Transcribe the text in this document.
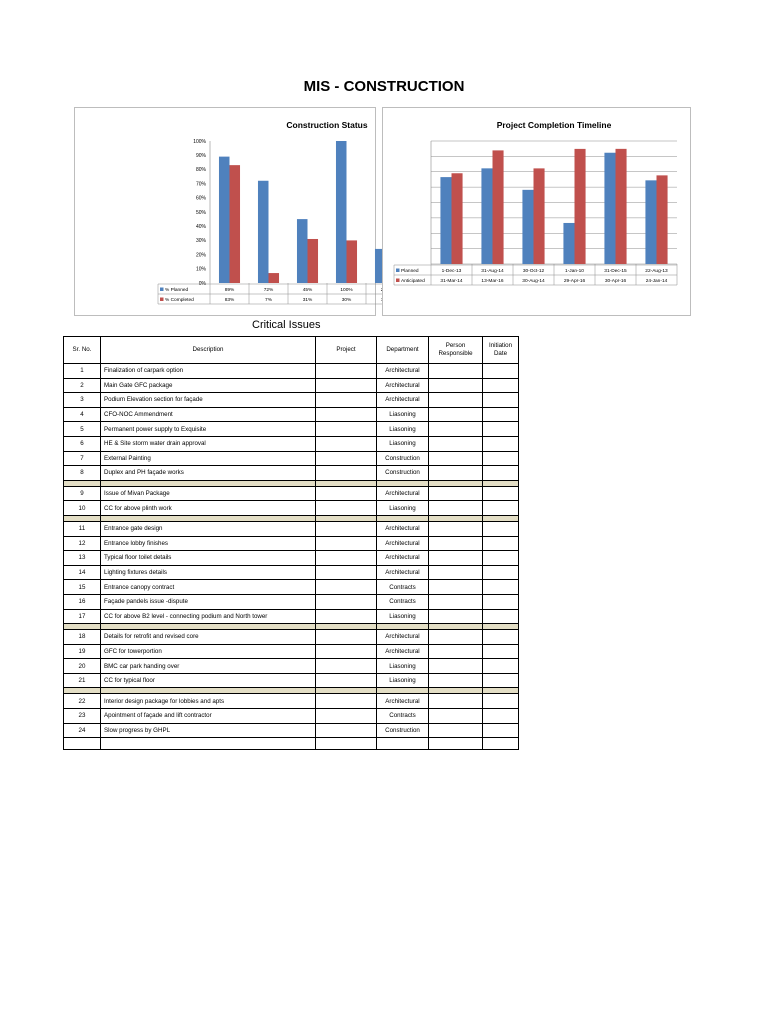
MIS - CONSTRUCTION
Construction Status
0%
10%
20%
30%
40%
50%
60%
70%
80%
90%
100%
% Planned	89%	72%	45%	100%
% Completed	83%	7%	31%	30%
Project Completion Timeline
Planned	1-Dec-13	31-Aug-14	30-Oct-12	1-Jan-10	31-Dec-15	22-Aug-13
Anticipated	31-Mar-14	13-Mar-16	30-Aug-14	29-Apr-16	30-Apr-16	24-Jan-14
Critical Issues
Sr. No.	Description	Project	Department	Person Responsible	Initiation Date
1	Finalization of carpark option		Architectural		
2	Main Gate GFC package		Architectural		
3	Podium Elevation section for façade		Architectural		
4	CFO-NOC Ammendment		Liasoning		
5	Permanent power supply to Exquisite		Liasoning		
6	HE & Site storm water drain approval		Liasoning		
7	External Painting		Construction		
8	Duplex and PH façade works		Construction		

9	Issue of Mivan Package		Architectural		
10	CC for above plinth work		Liasoning		

11	Entrance gate design		Architectural		
12	Entrance lobby finishes		Architectural		
13	Typical floor toilet details		Architectural		
14	Lighting fixtures details		Architectural		
15	Entrance canopy contract		Contracts		
16	Façade pandels issue -dispute		Contracts		
17	CC for above B2 level - connecting podium and North tower		Liasoning		

18	Details for retrofit and revised core		Architectural		
19	GFC for towerportion		Architectural		
20	BMC car park handing over		Liasoning		
21	CC for typical floor		Liasoning		

22	Interior design package for lobbies and apts		Architectural		
23	Apointment of façade and lift contractor		Contracts		
24	Slow progress by GHPL		Construction		
